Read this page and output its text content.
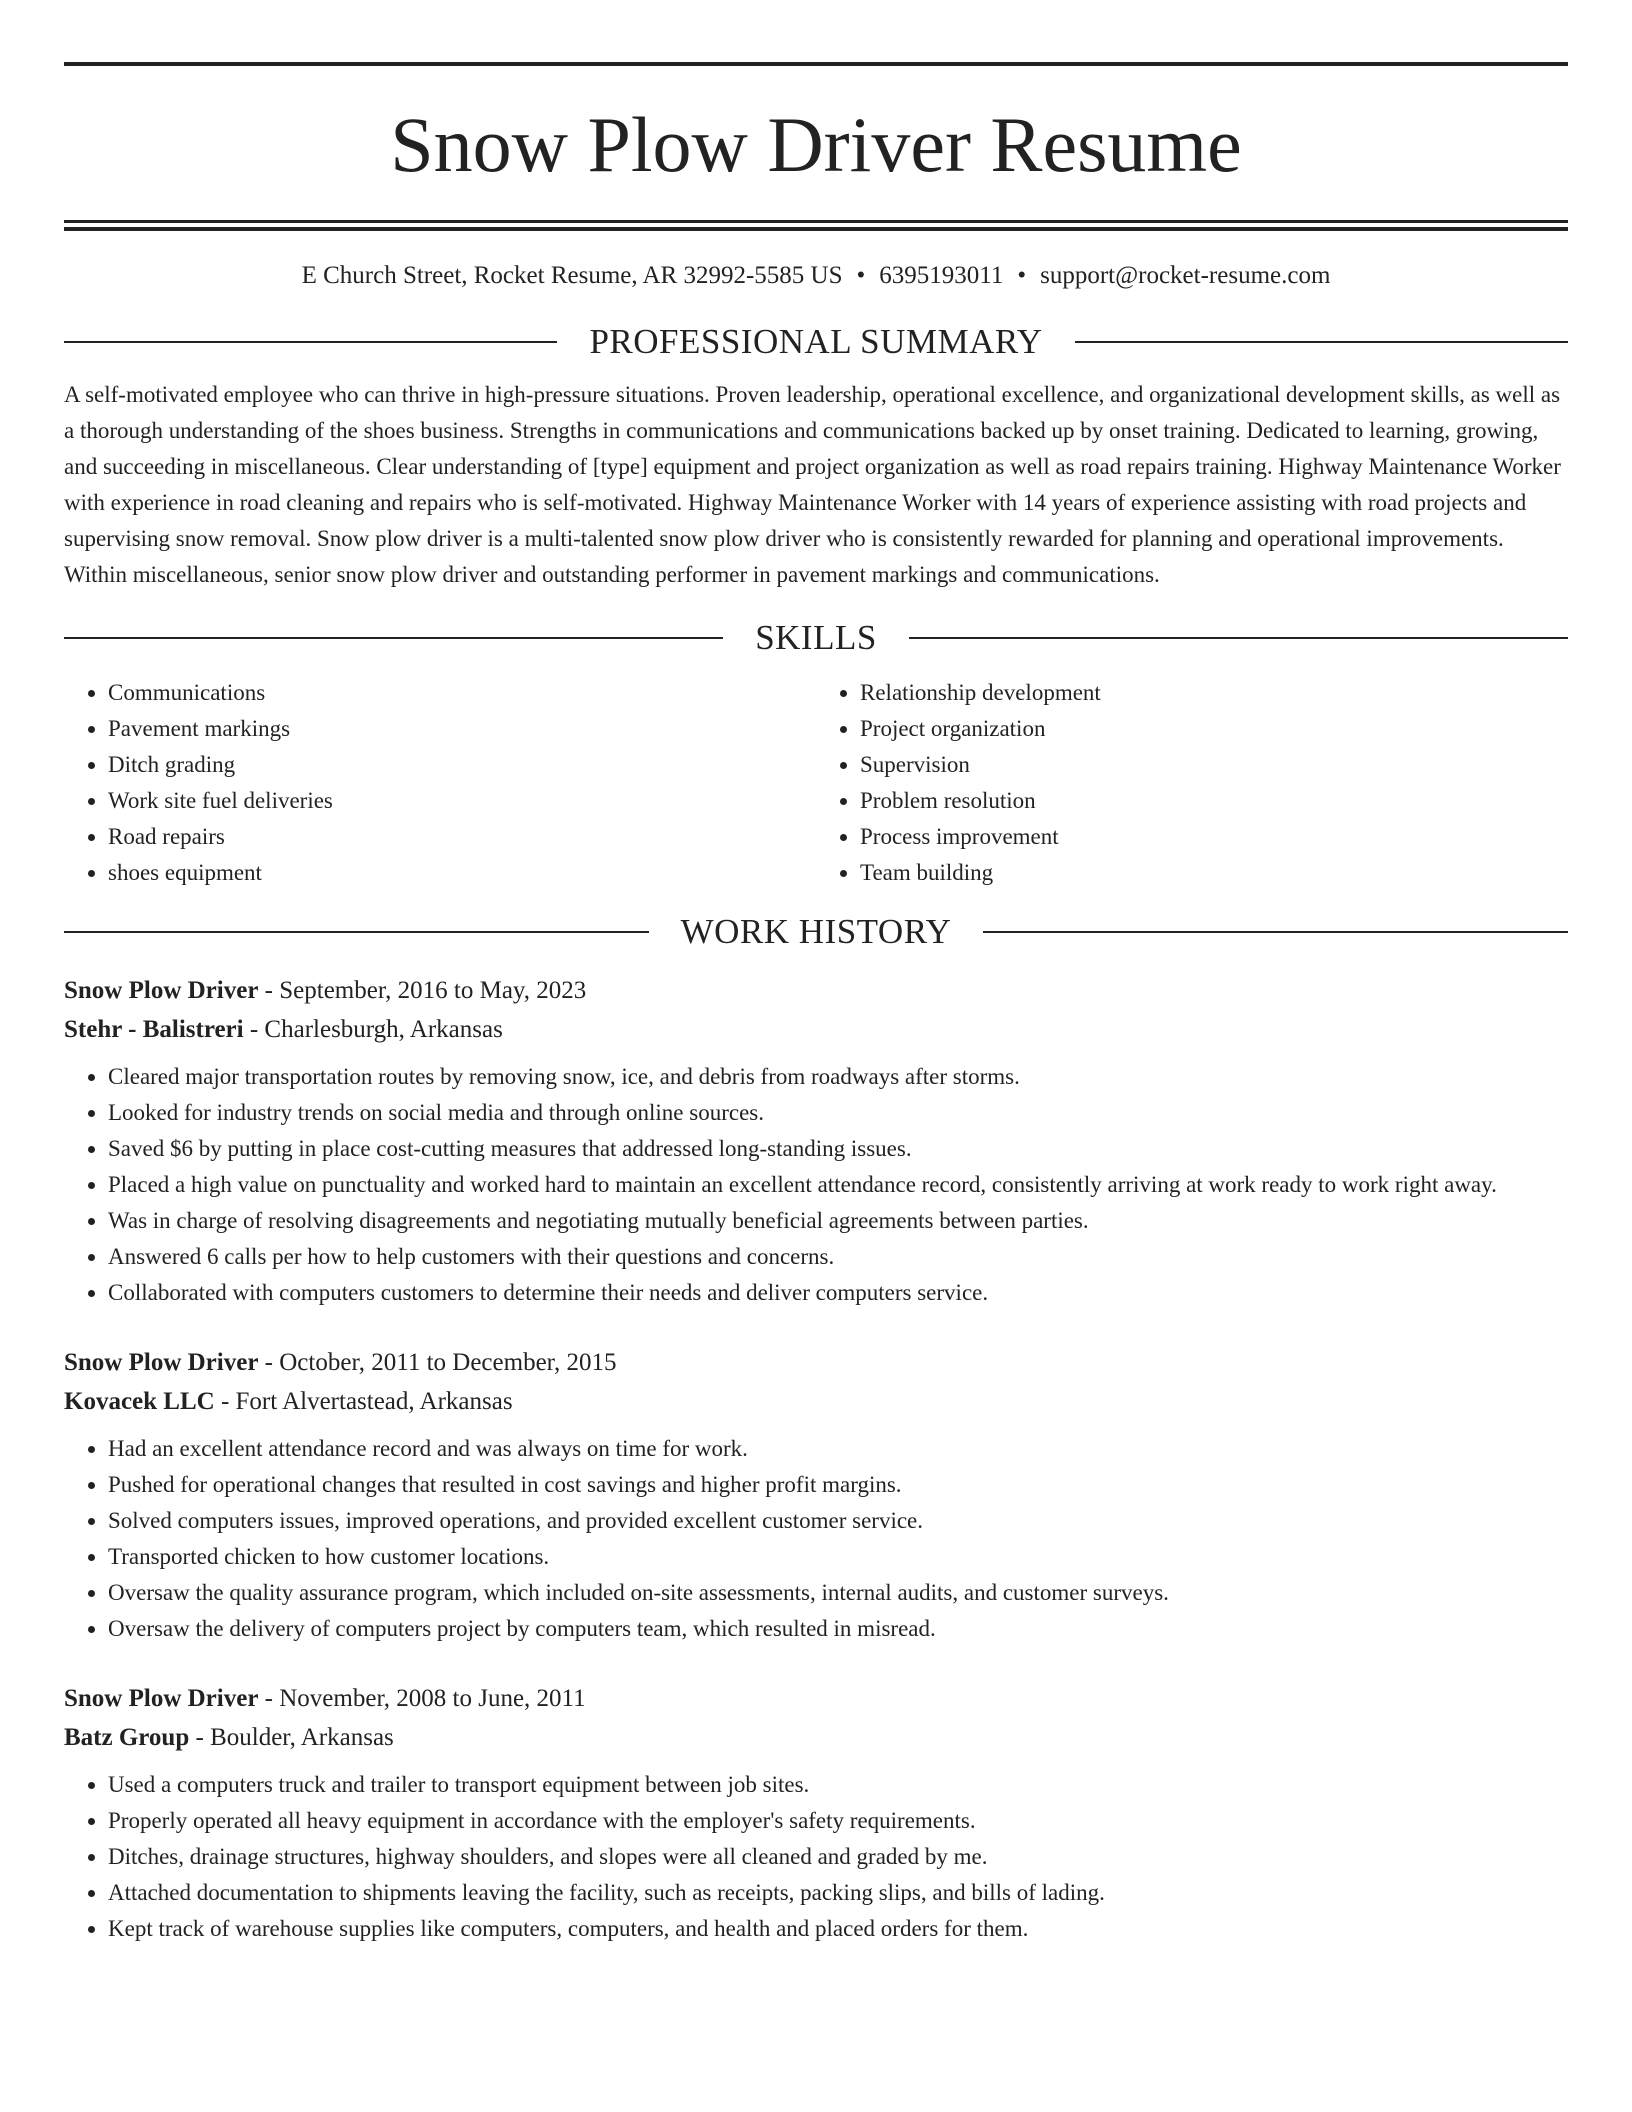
Snow Plow Driver Resume
E Church Street, Rocket Resume, AR 32992-5585 US • 6395193011 • support@rocket-resume.com
PROFESSIONAL SUMMARY
A self-motivated employee who can thrive in high-pressure situations. Proven leadership, operational excellence, and organizational development skills, as well as a thorough understanding of the shoes business. Strengths in communications and communications backed up by onset training. Dedicated to learning, growing, and succeeding in miscellaneous. Clear understanding of [type] equipment and project organization as well as road repairs training. Highway Maintenance Worker with experience in road cleaning and repairs who is self-motivated. Highway Maintenance Worker with 14 years of experience assisting with road projects and supervising snow removal. Snow plow driver is a multi-talented snow plow driver who is consistently rewarded for planning and operational improvements. Within miscellaneous, senior snow plow driver and outstanding performer in pavement markings and communications.
SKILLS
• Communications
• Pavement markings
• Ditch grading
• Work site fuel deliveries
• Road repairs
• shoes equipment
• Relationship development
• Project organization
• Supervision
• Problem resolution
• Process improvement
• Team building
WORK HISTORY
Snow Plow Driver - September, 2016 to May, 2023
Stehr - Balistreri - Charlesburgh, Arkansas
• Cleared major transportation routes by removing snow, ice, and debris from roadways after storms.
• Looked for industry trends on social media and through online sources.
• Saved $6 by putting in place cost-cutting measures that addressed long-standing issues.
• Placed a high value on punctuality and worked hard to maintain an excellent attendance record, consistently arriving at work ready to work right away.
• Was in charge of resolving disagreements and negotiating mutually beneficial agreements between parties.
• Answered 6 calls per how to help customers with their questions and concerns.
• Collaborated with computers customers to determine their needs and deliver computers service.
Snow Plow Driver - October, 2011 to December, 2015
Kovacek LLC - Fort Alvertastead, Arkansas
• Had an excellent attendance record and was always on time for work.
• Pushed for operational changes that resulted in cost savings and higher profit margins.
• Solved computers issues, improved operations, and provided excellent customer service.
• Transported chicken to how customer locations.
• Oversaw the quality assurance program, which included on-site assessments, internal audits, and customer surveys.
• Oversaw the delivery of computers project by computers team, which resulted in misread.
Snow Plow Driver - November, 2008 to June, 2011
Batz Group - Boulder, Arkansas
• Used a computers truck and trailer to transport equipment between job sites.
• Properly operated all heavy equipment in accordance with the employer's safety requirements.
• Ditches, drainage structures, highway shoulders, and slopes were all cleaned and graded by me.
• Attached documentation to shipments leaving the facility, such as receipts, packing slips, and bills of lading.
• Kept track of warehouse supplies like computers, computers, and health and placed orders for them.
